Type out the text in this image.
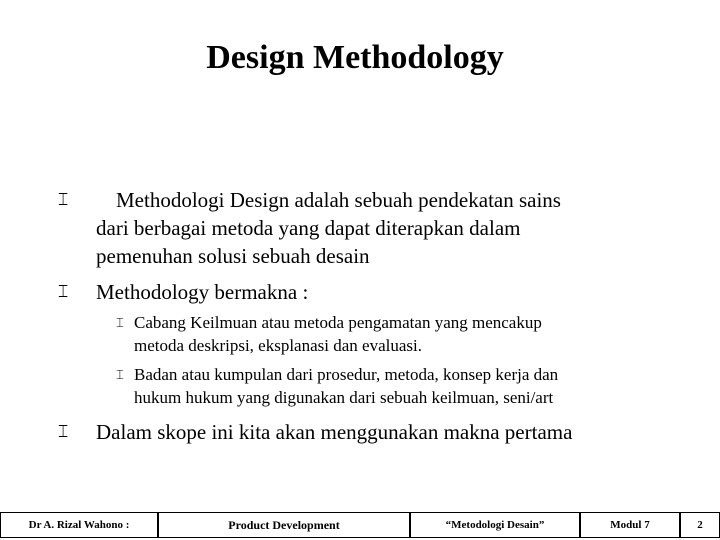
Design Methodology
⌶	Methodologi Design adalah sebuah pendekatan sains
dari berbagai metoda yang dapat diterapkan dalam
pemenuhan solusi sebuah desain
⌶	Methodology bermakna :
⌶ Cabang Keilmuan atau metoda pengamatan yang mencakup
metoda deskripsi, eksplanasi dan evaluasi.
⌶ Badan atau kumpulan dari prosedur, metoda, konsep kerja dan
hukum hukum yang digunakan dari sebuah keilmuan, seni/art
⌶	Dalam skope ini kita akan menggunakan makna pertama
Dr A. Rizal Wahono :	Product Development	“Metodologi Desain”	Modul 7	2
